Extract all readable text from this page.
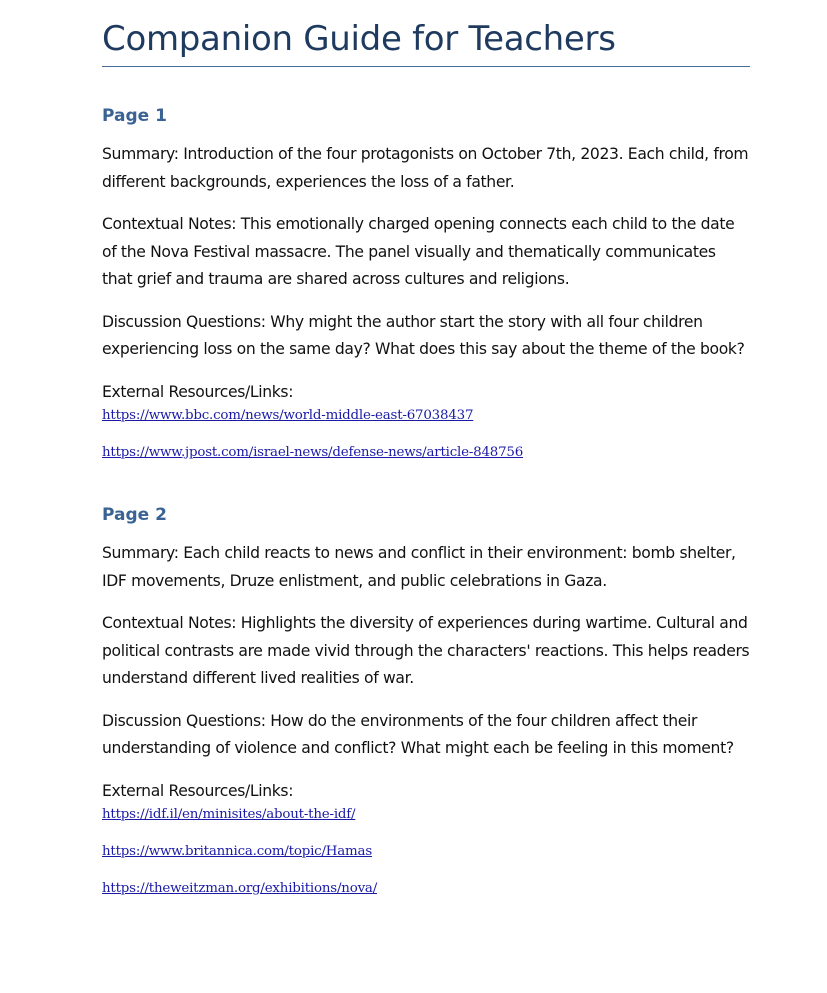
Companion Guide for Teachers
Page 1

Summary: Introduction of the four protagonists on October 7th, 2023. Each child, from different backgrounds, experiences the loss of a father.

Contextual Notes: This emotionally charged opening connects each child to the date of the Nova Festival massacre. The panel visually and thematically communicates that grief and trauma are shared across cultures and religions.

Discussion Questions: Why might the author start the story with all four children experiencing loss on the same day? What does this say about the theme of the book?

External Resources/Links:

https://www.bbc.com/news/world-middle-east-67038437
https://www.jpost.com/israel-news/defense-news/article-848756
Page 2

Summary: Each child reacts to news and conflict in their environment: bomb shelter, IDF movements, Druze enlistment, and public celebrations in Gaza.

Contextual Notes: Highlights the diversity of experiences during wartime. Cultural and political contrasts are made vivid through the characters' reactions. This helps readers understand different lived realities of war.

Discussion Questions: How do the environments of the four children affect their understanding of violence and conflict? What might each be feeling in this moment?

External Resources/Links:

https://idf.il/en/minisites/about-the-idf/
https://www.britannica.com/topic/Hamas
https://theweitzman.org/exhibitions/nova/
